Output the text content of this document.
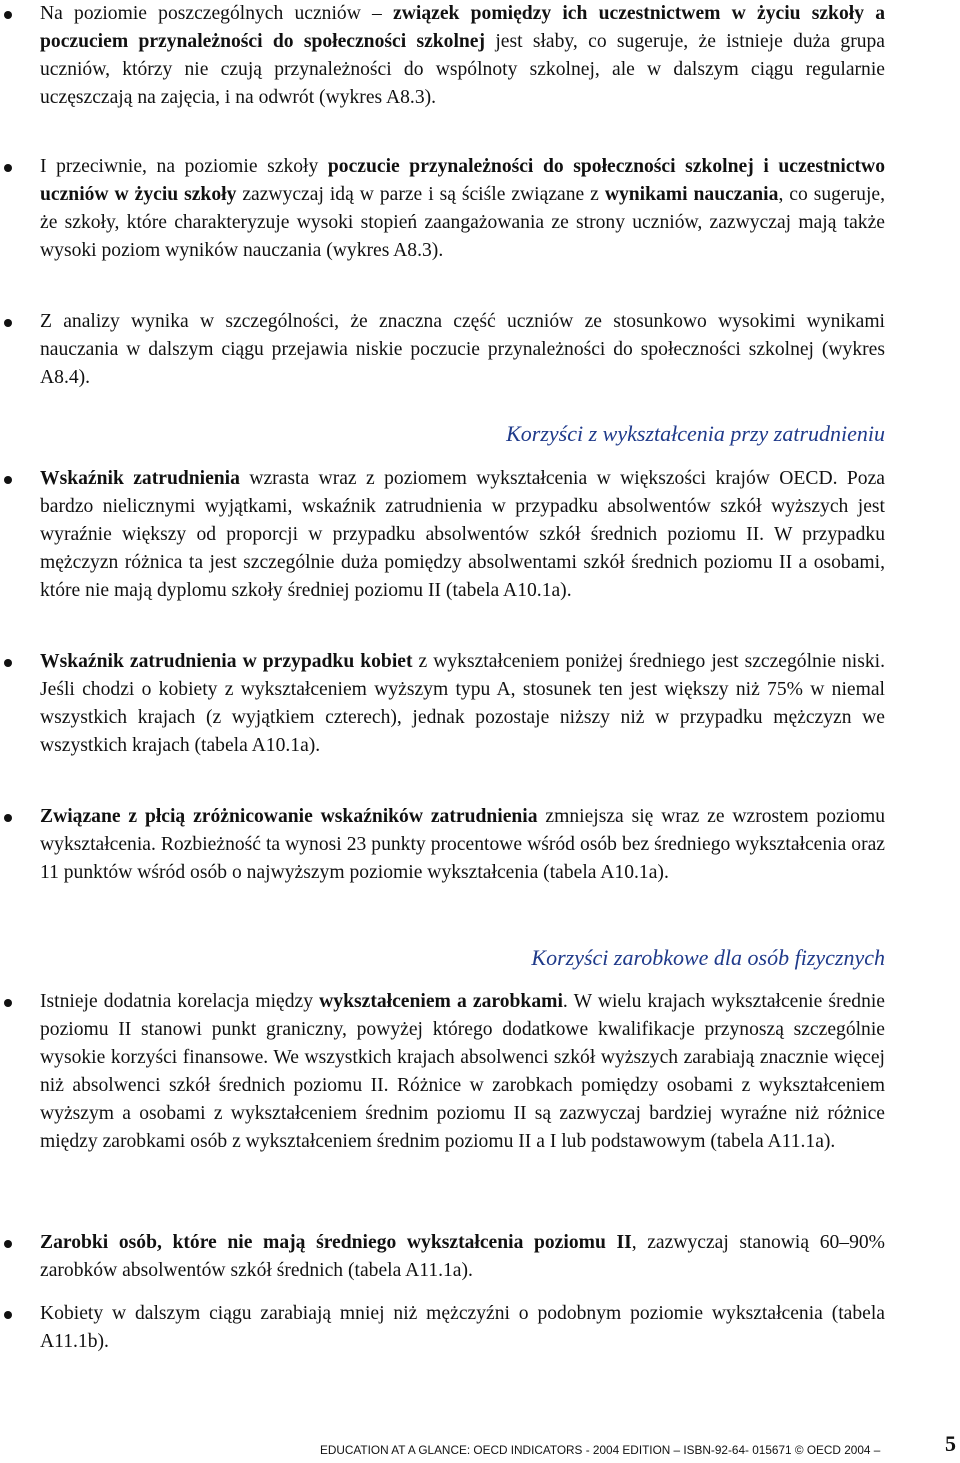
Na poziomie poszczególnych uczniów – związek pomiędzy ich uczestnictwem w życiu szkoły a poczuciem przynależności do społeczności szkolnej jest słaby, co sugeruje, że istnieje duża grupa uczniów, którzy nie czują przynależności do wspólnoty szkolnej, ale w dalszym ciągu regularnie uczęszczają na zajęcia, i na odwrót (wykres A8.3).
I przeciwnie, na poziomie szkoły poczucie przynależności do społeczności szkolnej i uczestnictwo uczniów w życiu szkoły zazwyczaj idą w parze i są ściśle związane z wynikami nauczania, co sugeruje, że szkoły, które charakteryzuje wysoki stopień zaangażowania ze strony uczniów, zazwyczaj mają także wysoki poziom wyników nauczania (wykres A8.3).
Z analizy wynika w szczególności, że znaczna część uczniów ze stosunkowo wysokimi wynikami nauczania w dalszym ciągu przejawia niskie poczucie przynależności do społeczności szkolnej (wykres A8.4).
Korzyści z wykształcenia przy zatrudnieniu
Wskaźnik zatrudnienia wzrasta wraz z poziomem wykształcenia w większości krajów OECD. Poza bardzo nielicznymi wyjątkami, wskaźnik zatrudnienia w przypadku absolwentów szkół wyższych jest wyraźnie większy od proporcji w przypadku absolwentów szkół średnich poziomu II. W przypadku mężczyzn różnica ta jest szczególnie duża pomiędzy absolwentami szkół średnich poziomu II a osobami, które nie mają dyplomu szkoły średniej poziomu II (tabela A10.1a).
Wskaźnik zatrudnienia w przypadku kobiet z wykształceniem poniżej średniego jest szczególnie niski. Jeśli chodzi o kobiety z wykształceniem wyższym typu A, stosunek ten jest większy niż 75% w niemal wszystkich krajach (z wyjątkiem czterech), jednak pozostaje niższy niż w przypadku mężczyzn we wszystkich krajach (tabela A10.1a).
Związane z płcią zróżnicowanie wskaźników zatrudnienia zmniejsza się wraz ze wzrostem poziomu wykształcenia. Rozbieżność ta wynosi 23 punkty procentowe wśród osób bez średniego wykształcenia oraz 11 punktów wśród osób o najwyższym poziomie wykształcenia (tabela A10.1a).
Korzyści zarobkowe dla osób fizycznych
Istnieje dodatnia korelacja między wykształceniem a zarobkami. W wielu krajach wykształcenie średnie poziomu II stanowi punkt graniczny, powyżej którego dodatkowe kwalifikacje przynoszą szczególnie wysokie korzyści finansowe. We wszystkich krajach absolwenci szkół wyższych zarabiają znacznie więcej niż absolwenci szkół średnich poziomu II. Różnice w zarobkach pomiędzy osobami z wykształceniem wyższym a osobami z wykształceniem średnim poziomu II są zazwyczaj bardziej wyraźne niż różnice między zarobkami osób z wykształceniem średnim poziomu II a I lub podstawowym (tabela A11.1a).
Zarobki osób, które nie mają średniego wykształcenia poziomu II, zazwyczaj stanowią 60–90% zarobków absolwentów szkół średnich (tabela A11.1a).
Kobiety w dalszym ciągu zarabiają mniej niż mężczyźni o podobnym poziomie wykształcenia (tabela A11.1b).
EDUCATION AT A GLANCE: OECD INDICATORS - 2004 EDITION – ISBN-92-64- 015671 © OECD 2004 –	5
